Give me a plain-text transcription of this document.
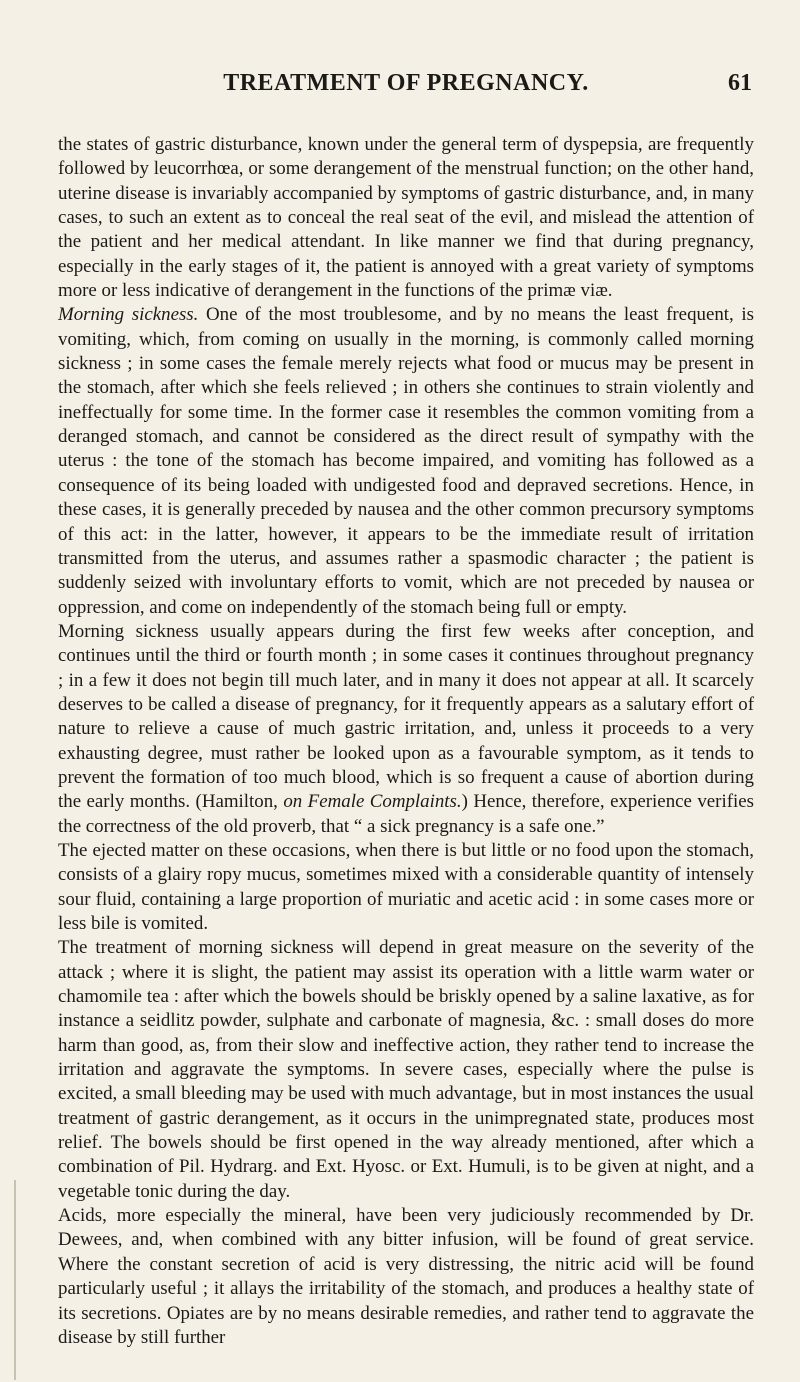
TREATMENT OF PREGNANCY.	61

the states of gastric disturbance, known under the general term of dyspepsia, are frequently followed by leucorrhœa, or some derangement of the menstrual function; on the other hand, uterine disease is invariably accompanied by symptoms of gastric disturbance, and, in many cases, to such an extent as to conceal the real seat of the evil, and mislead the attention of the patient and her medical attendant. In like manner we find that during pregnancy, especially in the early stages of it, the patient is annoyed with a great variety of symptoms more or less indicative of derangement in the functions of the primæ viæ.

Morning sickness. One of the most troublesome, and by no means the least frequent, is vomiting, which, from coming on usually in the morning, is commonly called morning sickness ; in some cases the female merely rejects what food or mucus may be present in the stomach, after which she feels relieved ; in others she continues to strain violently and ineffectually for some time. In the former case it resembles the common vomiting from a deranged stomach, and cannot be considered as the direct result of sympathy with the uterus : the tone of the stomach has become impaired, and vomiting has followed as a consequence of its being loaded with undigested food and depraved secretions. Hence, in these cases, it is generally preceded by nausea and the other common precursory symptoms of this act: in the latter, however, it appears to be the immediate result of irritation transmitted from the uterus, and assumes rather a spasmodic character ; the patient is suddenly seized with involuntary efforts to vomit, which are not preceded by nausea or oppression, and come on independently of the stomach being full or empty.

Morning sickness usually appears during the first few weeks after conception, and continues until the third or fourth month ; in some cases it continues throughout pregnancy ; in a few it does not begin till much later, and in many it does not appear at all. It scarcely deserves to be called a disease of pregnancy, for it frequently appears as a salutary effort of nature to relieve a cause of much gastric irritation, and, unless it proceeds to a very exhausting degree, must rather be looked upon as a favourable symptom, as it tends to prevent the formation of too much blood, which is so frequent a cause of abortion during the early months. (Hamilton, on Female Complaints.) Hence, therefore, experience verifies the correctness of the old proverb, that “ a sick pregnancy is a safe one.”

The ejected matter on these occasions, when there is but little or no food upon the stomach, consists of a glairy ropy mucus, sometimes mixed with a considerable quantity of intensely sour fluid, containing a large proportion of muriatic and acetic acid : in some cases more or less bile is vomited.

The treatment of morning sickness will depend in great measure on the severity of the attack ; where it is slight, the patient may assist its operation with a little warm water or chamomile tea : after which the bowels should be briskly opened by a saline laxative, as for instance a seidlitz powder, sulphate and carbonate of magnesia, &c. : small doses do more harm than good, as, from their slow and ineffective action, they rather tend to increase the irritation and aggravate the symptoms. In severe cases, especially where the pulse is excited, a small bleeding may be used with much advantage, but in most instances the usual treatment of gastric derangement, as it occurs in the unimpregnated state, produces most relief. The bowels should be first opened in the way already mentioned, after which a combination of Pil. Hydrarg. and Ext. Hyosc. or Ext. Humuli, is to be given at night, and a vegetable tonic during the day.

Acids, more especially the mineral, have been very judiciously recommended by Dr. Dewees, and, when combined with any bitter infusion, will be found of great service. Where the constant secretion of acid is very distressing, the nitric acid will be found particularly useful ; it allays the irritability of the stomach, and produces a healthy state of its secretions. Opiates are by no means desirable remedies, and rather tend to aggravate the disease by still further
